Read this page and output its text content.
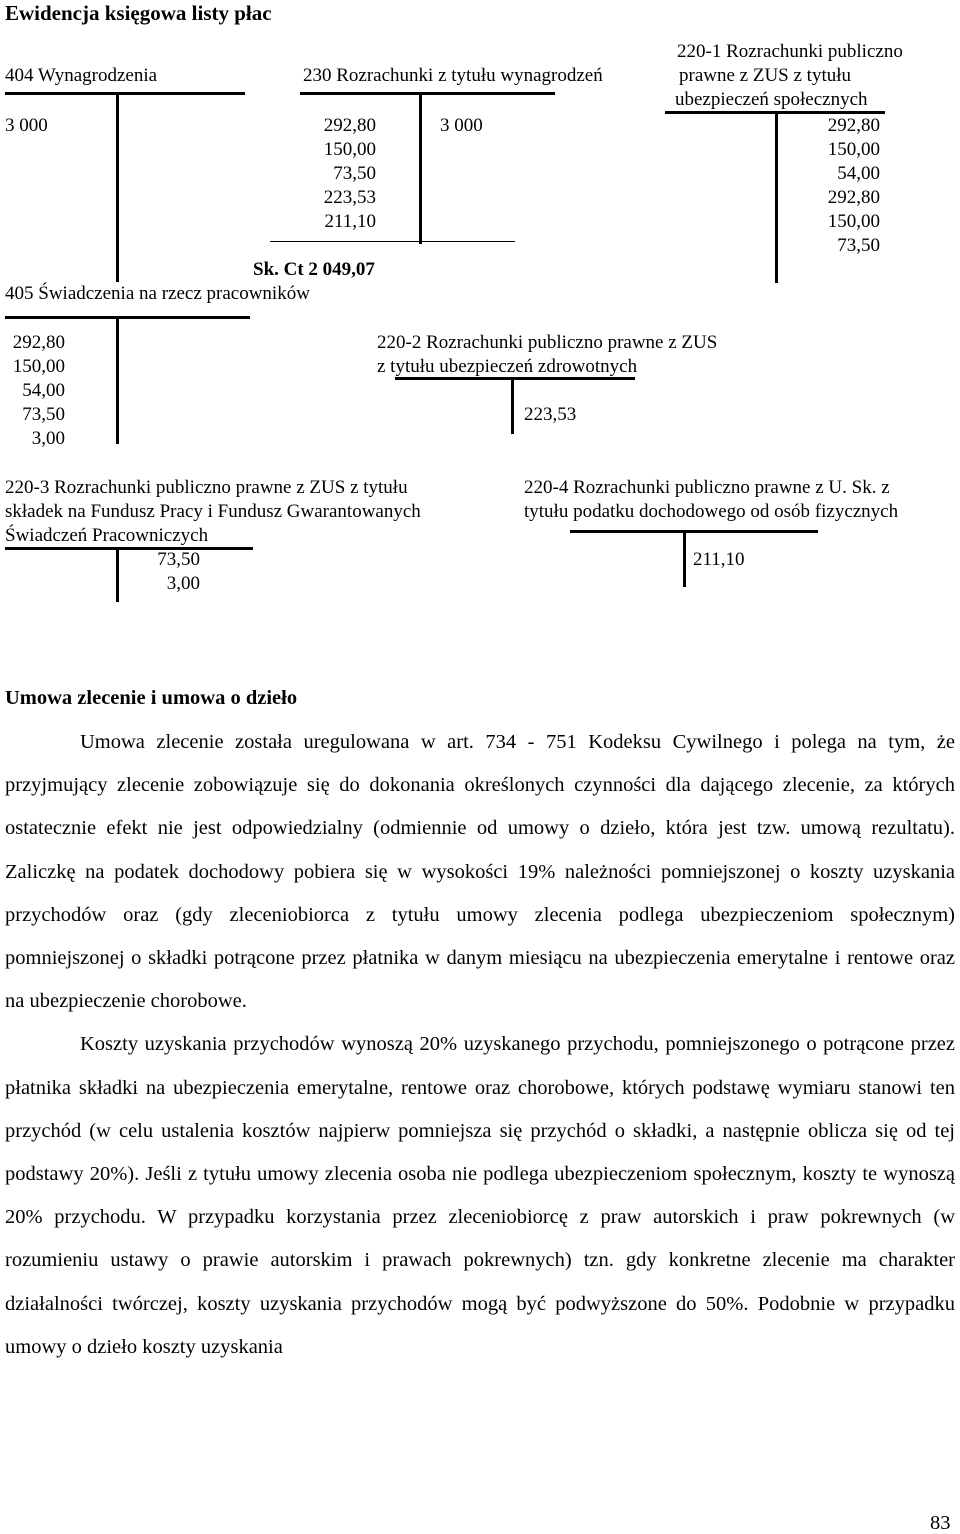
Ewidencja księgowa listy płac
404 Wynagrodzenia
3 000
230 Rozrachunki z tytułu wynagrodzeń
292,80
150,00
73,50
223,53
211,10
3 000
Sk. Ct 2 049,07
220-1 Rozrachunki publiczno
prawne z ZUS z tytułu
ubezpieczeń społecznych
292,80
150,00
54,00
292,80
150,00
73,50
405 Świadczenia na rzecz pracowników
292,80
150,00
54,00
73,50
3,00
220-2 Rozrachunki publiczno prawne z ZUS
z tytułu ubezpieczeń zdrowotnych
223,53
220-3 Rozrachunki publiczno prawne z ZUS z tytułu
składek na Fundusz Pracy i Fundusz Gwarantowanych
Świadczeń Pracowniczych
73,50
3,00
220-4 Rozrachunki publiczno prawne z U. Sk. z
tytułu podatku dochodowego od osób fizycznych
211,10
Umowa zlecenie i umowa o dzieło

Umowa zlecenie została uregulowana w art. 734 - 751 Kodeksu Cywilnego i polega na tym, że przyjmujący zlecenie zobowiązuje się do dokonania określonych czynności dla dającego zlecenie, za których ostatecznie efekt nie jest odpowiedzialny (odmiennie od umowy o dzieło, która jest tzw. umową rezultatu). Zaliczkę na podatek dochodowy pobiera się w wysokości 19% należności pomniejszonej o koszty uzyskania przychodów oraz (gdy zleceniobiorca z tytułu umowy zlecenia podlega ubezpieczeniom społecznym) pomniejszonej o składki potrącone przez płatnika w danym miesiącu na ubezpieczenia emerytalne i rentowe oraz na ubezpieczenie chorobowe.

Koszty uzyskania przychodów wynoszą 20% uzyskanego przychodu, pomniejszonego o potrącone przez płatnika składki na ubezpieczenia emerytalne, rentowe oraz chorobowe, których podstawę wymiaru stanowi ten przychód (w celu ustalenia kosztów najpierw pomniejsza się przychód o składki, a następnie oblicza się od tej podstawy 20%). Jeśli z tytułu umowy zlecenia osoba nie podlega ubezpieczeniom społecznym, koszty te wynoszą 20% przychodu. W przypadku korzystania przez zleceniobiorcę z praw autorskich i praw pokrewnych (w rozumieniu ustawy o prawie autorskim i prawach pokrewnych) tzn. gdy konkretne zlecenie ma charakter działalności twórczej, koszty uzyskania przychodów mogą być podwyższone do 50%. Podobnie w przypadku umowy o dzieło koszty uzyskania

83
